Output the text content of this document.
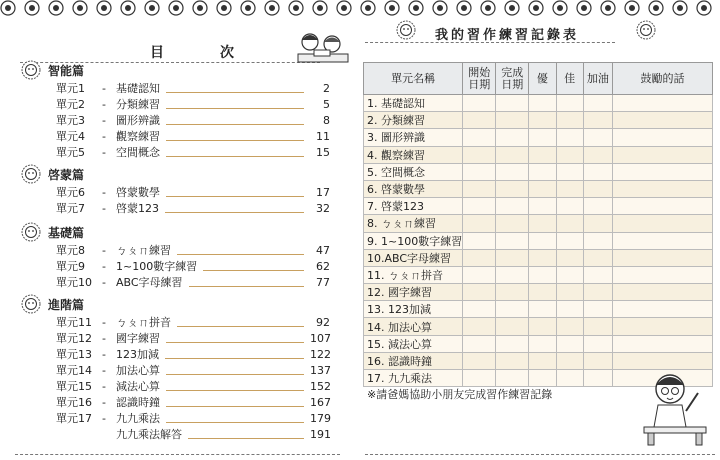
目	次
智能篇
單元1	- 基礎認知	2
單元2	- 分類練習	5
單元3	- 圖形辨識	8
單元4	- 觀察練習	11
單元5	- 空間概念	15
啓蒙篇
單元6	- 啓蒙數學	17
單元7	- 啓蒙123	32
基礎篇
單元8	- ㄅㄆㄇ練習	47
單元9	- 1~100數字練習	62
單元10 - ABC字母練習	77
進階篇
單元11 - ㄅㄆㄇ拼音	92
單元12 - 國字練習	107
單元13 - 123加減	122
單元14 - 加法心算	137
單元15 - 減法心算	152
單元16 - 認識時鐘	167
單元17 - 九九乘法	179
九九乘法解答	191
我的習作練習記錄表
單元名稱	開始日期	完成日期	優	佳	加油	鼓勵的話
1. 基礎認知						
2. 分類練習						
3. 圖形辨識						
4. 觀察練習						
5. 空間概念						
6. 啓蒙數學						
7. 啓蒙123						
8. ㄅㄆㄇ練習						
9. 1~100數字練習						
10.ABC字母練習						
11. ㄅㄆㄇ拼音						
12. 國字練習						
13. 123加減						
14. 加法心算						
15. 減法心算						
16. 認識時鐘						
17. 九九乘法						
※請爸媽協助小朋友完成習作練習記錄
